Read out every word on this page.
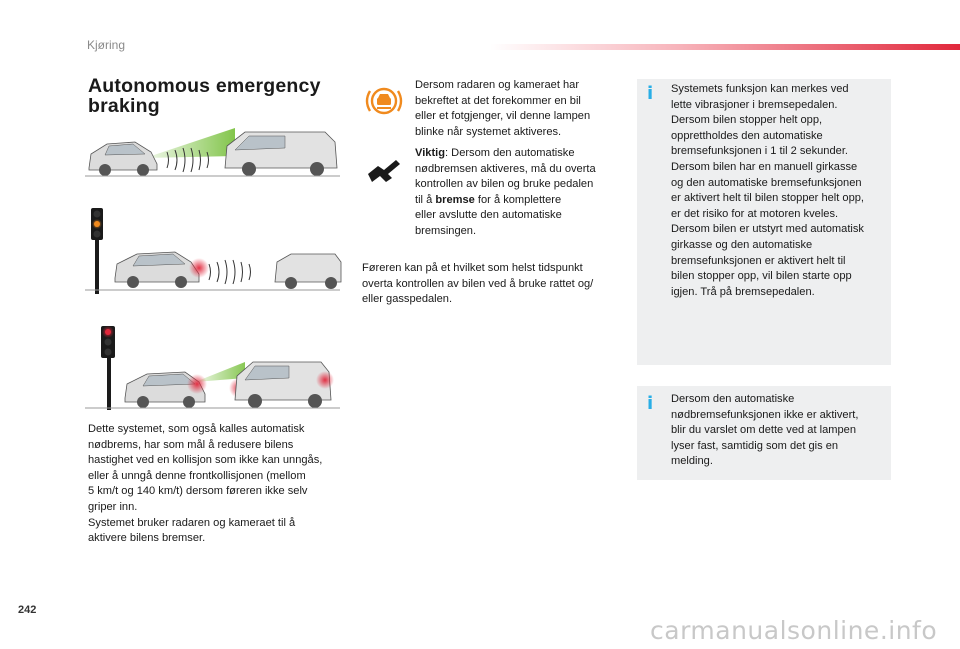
Kjøring
Autonomous emergency braking
Dette systemet, som også kalles automatisk
nødbrems, har som mål å redusere bilens
hastighet ved en kollisjon som ikke kan unngås,
eller å unngå denne frontkollisjonen (mellom
5 km/t og 140 km/t) dersom føreren ikke selv
griper inn.
Systemet bruker radaren og kameraet til å
aktivere bilens bremser.
Dersom radaren og kameraet har
bekreftet at det forekommer en bil
eller et fotgjenger, vil denne lampen
blinke når systemet aktiveres.
Viktig: Dersom den automatiske
nødbremsen aktiveres, må du overta
kontrollen av bilen og bruke pedalen
til å bremse for å komplettere
eller avslutte den automatiske
bremsingen.
Føreren kan på et hvilket som helst tidspunkt
overta kontrollen av bilen ved å bruke rattet og/
eller gasspedalen.
i Systemets funksjon kan merkes ved
lette vibrasjoner i bremsepedalen.
Dersom bilen stopper helt opp,
opprettholdes den automatiske
bremsefunksjonen i 1 til 2 sekunder.
Dersom bilen har en manuell girkasse
og den automatiske bremsefunksjonen
er aktivert helt til bilen stopper helt opp,
er det risiko for at motoren kveles.
Dersom bilen er utstyrt med automatisk
girkasse og den automatiske
bremsefunksjonen er aktivert helt til
bilen stopper opp, vil bilen starte opp
igjen. Trå på bremsepedalen.
i Dersom den automatiske
nødbremsefunksjonen ikke er aktivert,
blir du varslet om dette ved at lampen
lyser fast, samtidig som det gis en
melding.
242
carmanualsonline.info
